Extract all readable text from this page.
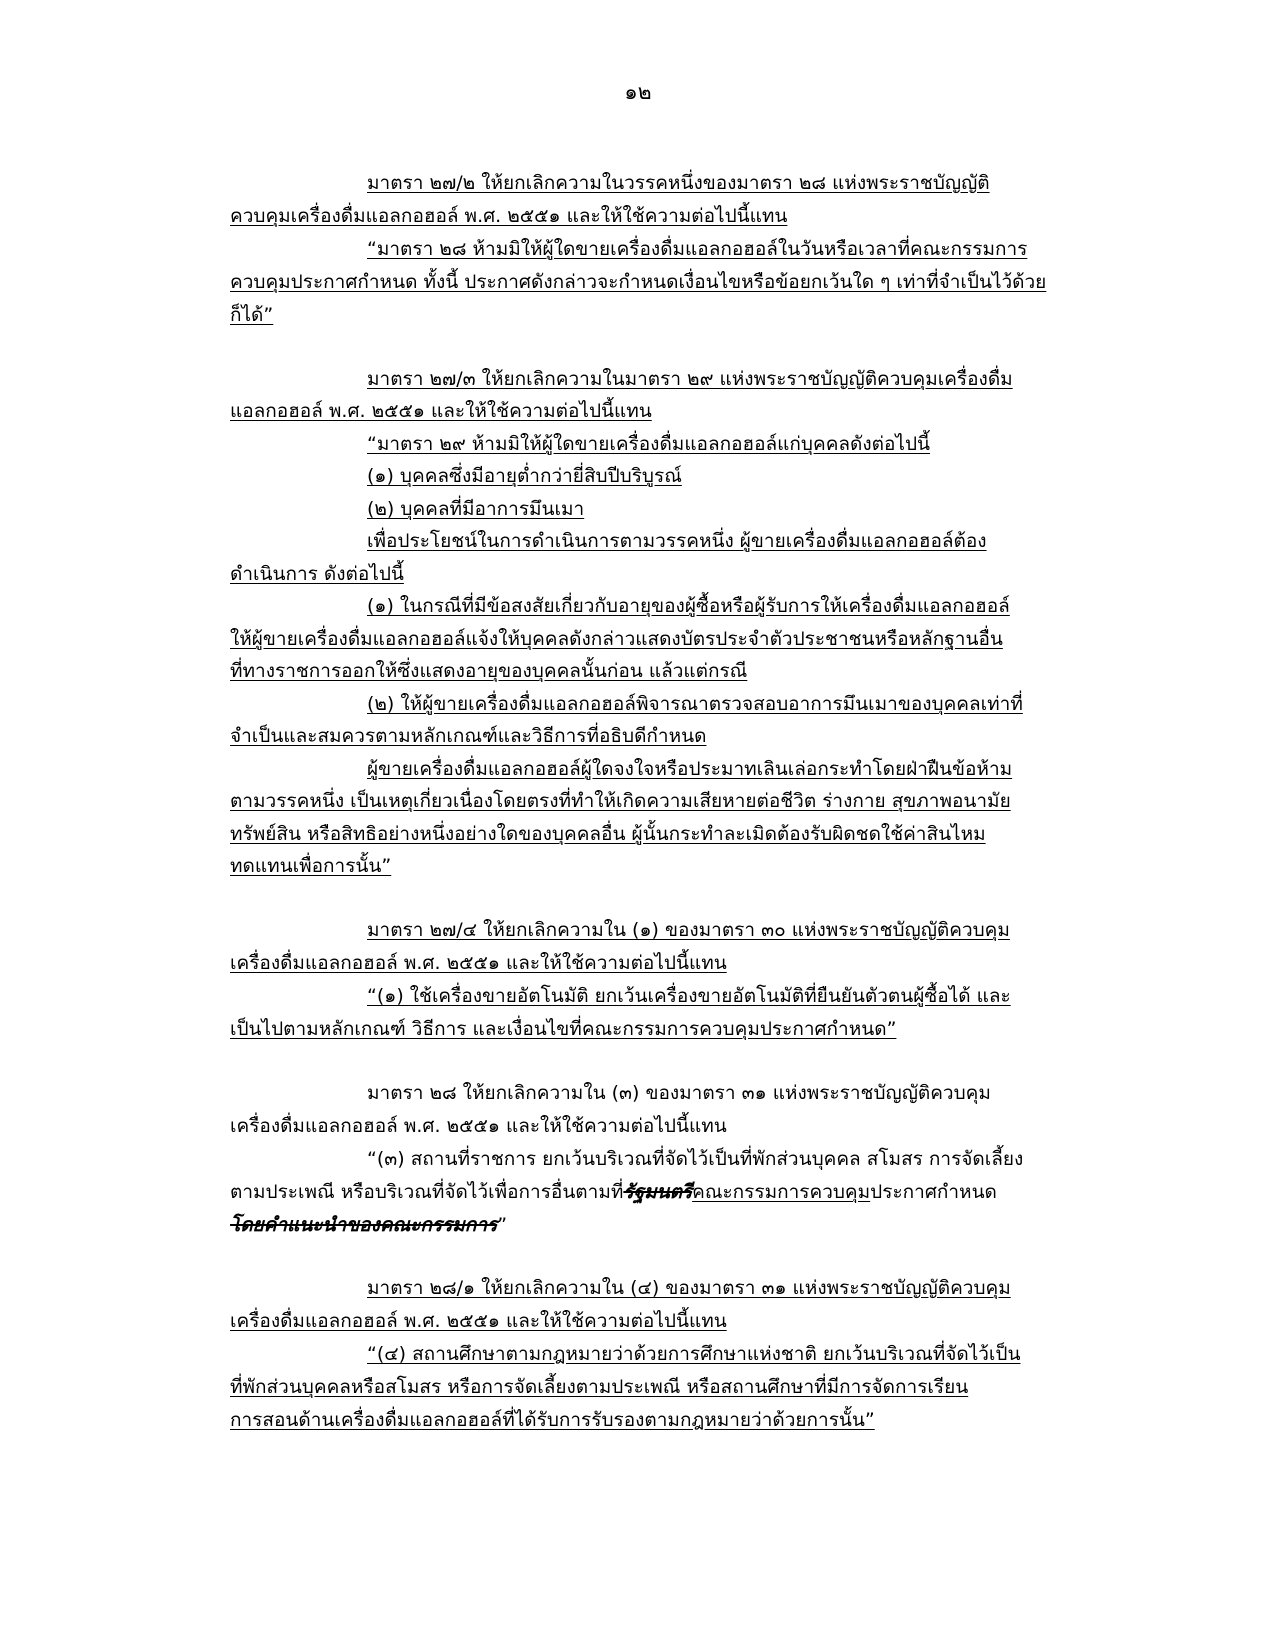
๑๒
มาตรา ๒๗/๒ ให้ยกเลิกความในวรรคหนึ่งของมาตรา ๒๘ แห่งพระราชบัญญัติ
ควบคุมเครื่องดื่มแอลกอฮอล์ พ.ศ. ๒๕๕๑ และให้ใช้ความต่อไปนี้แทน
“มาตรา ๒๘ ห้ามมิให้ผู้ใดขายเครื่องดื่มแอลกอฮอล์ในวันหรือเวลาที่คณะกรรมการ
ควบคุมประกาศกำหนด ทั้งนี้ ประกาศดังกล่าวจะกำหนดเงื่อนไขหรือข้อยกเว้นใด ๆ เท่าที่จำเป็นไว้ด้วย
ก็ได้”
มาตรา ๒๗/๓ ให้ยกเลิกความในมาตรา ๒๙ แห่งพระราชบัญญัติควบคุมเครื่องดื่ม
แอลกอฮอล์ พ.ศ. ๒๕๕๑ และให้ใช้ความต่อไปนี้แทน
“มาตรา ๒๙ ห้ามมิให้ผู้ใดขายเครื่องดื่มแอลกอฮอล์แก่บุคคลดังต่อไปนี้
(๑) บุคคลซึ่งมีอายุต่ำกว่ายี่สิบปีบริบูรณ์
(๒) บุคคลที่มีอาการมึนเมา
เพื่อประโยชน์ในการดำเนินการตามวรรคหนึ่ง ผู้ขายเครื่องดื่มแอลกอฮอล์ต้อง
ดำเนินการ ดังต่อไปนี้
(๑) ในกรณีที่มีข้อสงสัยเกี่ยวกับอายุของผู้ซื้อหรือผู้รับการให้เครื่องดื่มแอลกอฮอล์
ให้ผู้ขายเครื่องดื่มแอลกอฮอล์แจ้งให้บุคคลดังกล่าวแสดงบัตรประจำตัวประชาชนหรือหลักฐานอื่น
ที่ทางราชการออกให้ซึ่งแสดงอายุของบุคคลนั้นก่อน แล้วแต่กรณี
(๒) ให้ผู้ขายเครื่องดื่มแอลกอฮอล์พิจารณาตรวจสอบอาการมึนเมาของบุคคลเท่าที่
จำเป็นและสมควรตามหลักเกณฑ์และวิธีการที่อธิบดีกำหนด
ผู้ขายเครื่องดื่มแอลกอฮอล์ผู้ใดจงใจหรือประมาทเลินเล่อกระทำโดยฝ่าฝืนข้อห้าม
ตามวรรคหนึ่ง เป็นเหตุเกี่ยวเนื่องโดยตรงที่ทำให้เกิดความเสียหายต่อชีวิต ร่างกาย สุขภาพอนามัย
ทรัพย์สิน หรือสิทธิอย่างหนึ่งอย่างใดของบุคคลอื่น ผู้นั้นกระทำละเมิดต้องรับผิดชดใช้ค่าสินไหม
ทดแทนเพื่อการนั้น”
มาตรา ๒๗/๔ ให้ยกเลิกความใน (๑) ของมาตรา ๓๐ แห่งพระราชบัญญัติควบคุม
เครื่องดื่มแอลกอฮอล์ พ.ศ. ๒๕๕๑ และให้ใช้ความต่อไปนี้แทน
“(๑) ใช้เครื่องขายอัตโนมัติ ยกเว้นเครื่องขายอัตโนมัติที่ยืนยันตัวตนผู้ซื้อได้ และ
เป็นไปตามหลักเกณฑ์ วิธีการ และเงื่อนไขที่คณะกรรมการควบคุมประกาศกำหนด”
มาตรา ๒๘ ให้ยกเลิกความใน (๓) ของมาตรา ๓๑ แห่งพระราชบัญญัติควบคุม
เครื่องดื่มแอลกอฮอล์ พ.ศ. ๒๕๕๑ และให้ใช้ความต่อไปนี้แทน
“(๓) สถานที่ราชการ ยกเว้นบริเวณที่จัดไว้เป็นที่พักส่วนบุคคล สโมสร การจัดเลี้ยง
ตามประเพณี หรือบริเวณที่จัดไว้เพื่อการอื่นตามที่รัฐมนตรีคณะกรรมการควบคุมประกาศกำหนด
โดยคำแนะนำของคณะกรรมการ”
มาตรา ๒๘/๑ ให้ยกเลิกความใน (๔) ของมาตรา ๓๑ แห่งพระราชบัญญัติควบคุม
เครื่องดื่มแอลกอฮอล์ พ.ศ. ๒๕๕๑ และให้ใช้ความต่อไปนี้แทน
“(๔) สถานศึกษาตามกฎหมายว่าด้วยการศึกษาแห่งชาติ ยกเว้นบริเวณที่จัดไว้เป็น
ที่พักส่วนบุคคลหรือสโมสร หรือการจัดเลี้ยงตามประเพณี หรือสถานศึกษาที่มีการจัดการเรียน
การสอนด้านเครื่องดื่มแอลกอฮอล์ที่ได้รับการรับรองตามกฎหมายว่าด้วยการนั้น”
